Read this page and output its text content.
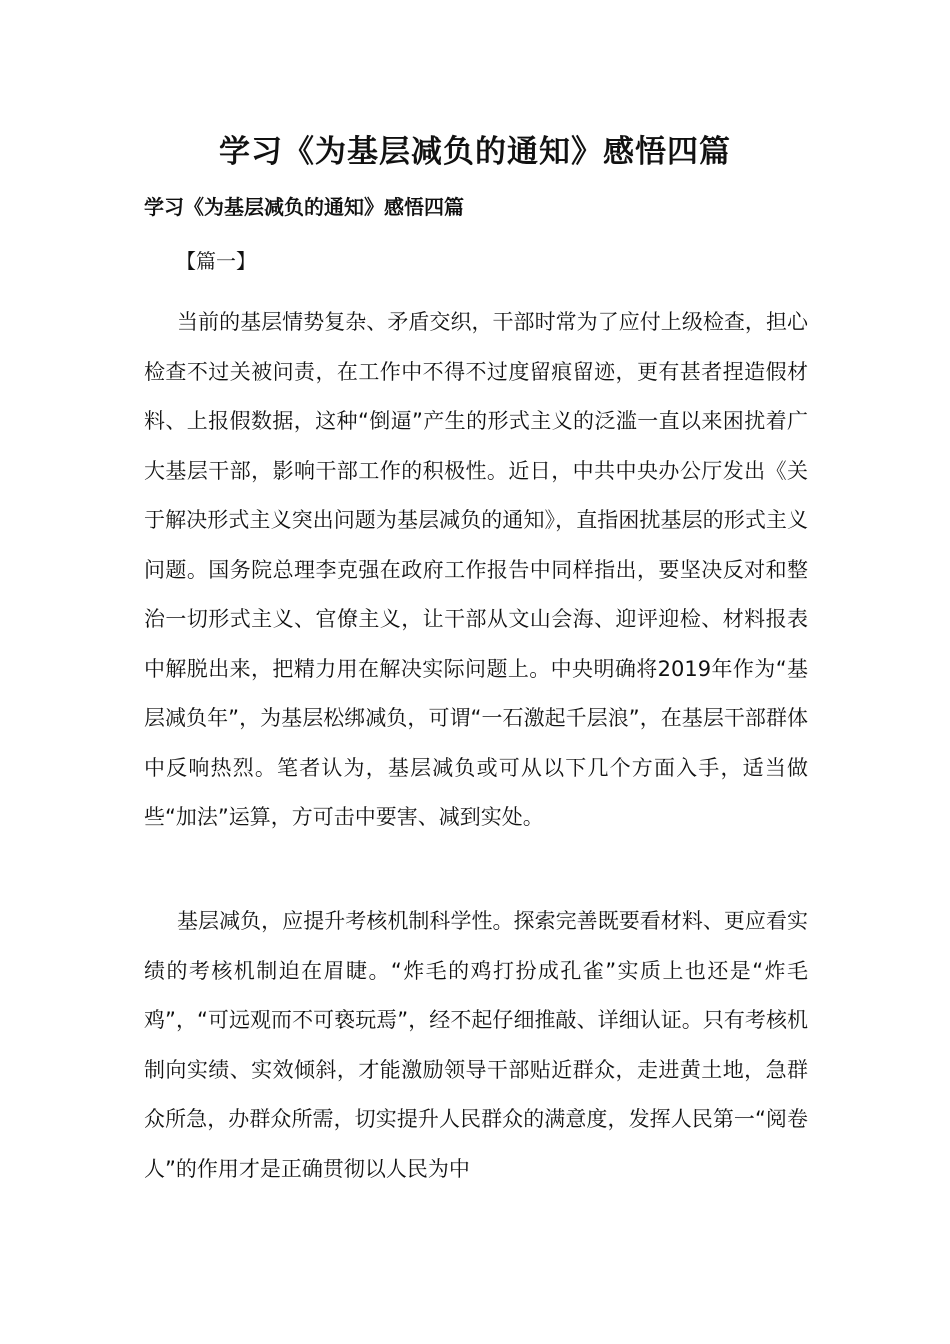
学习《为基层减负的通知》感悟四篇
学习《为基层减负的通知》感悟四篇
【篇一】

当前的基层情势复杂、矛盾交织，干部时常为了应付上级检查，担心检查不过关被问责，在工作中不得不过度留痕留迹，更有甚者捏造假材料、上报假数据，这种“倒逼”产生的形式主义的泛滥一直以来困扰着广大基层干部，影响干部工作的积极性。近日，中共中央办公厅发出《关于解决形式主义突出问题为基层减负的通知》，直指困扰基层的形式主义问题。国务院总理李克强在政府工作报告中同样指出，要坚决反对和整治一切形式主义、官僚主义，让干部从文山会海、迎评迎检、材料报表中解脱出来，把精力用在解决实际问题上。中央明确将2019年作为“基层减负年”，为基层松绑减负，可谓“一石激起千层浪”，在基层干部群体中反响热烈。笔者认为，基层减负或可从以下几个方面入手，适当做些“加法”运算，方可击中要害、减到实处。

基层减负，应提升考核机制科学性。探索完善既要看材料、更应看实绩的考核机制迫在眉睫。“炸毛的鸡打扮成孔雀”实质上也还是“炸毛鸡”，“可远观而不可亵玩焉”，经不起仔细推敲、详细认证。只有考核机制向实绩、实效倾斜，才能激励领导干部贴近群众，走进黄土地，急群众所急，办群众所需，切实提升人民群众的满意度，发挥人民第一“阅卷人”的作用才是正确贯彻以人民为中
